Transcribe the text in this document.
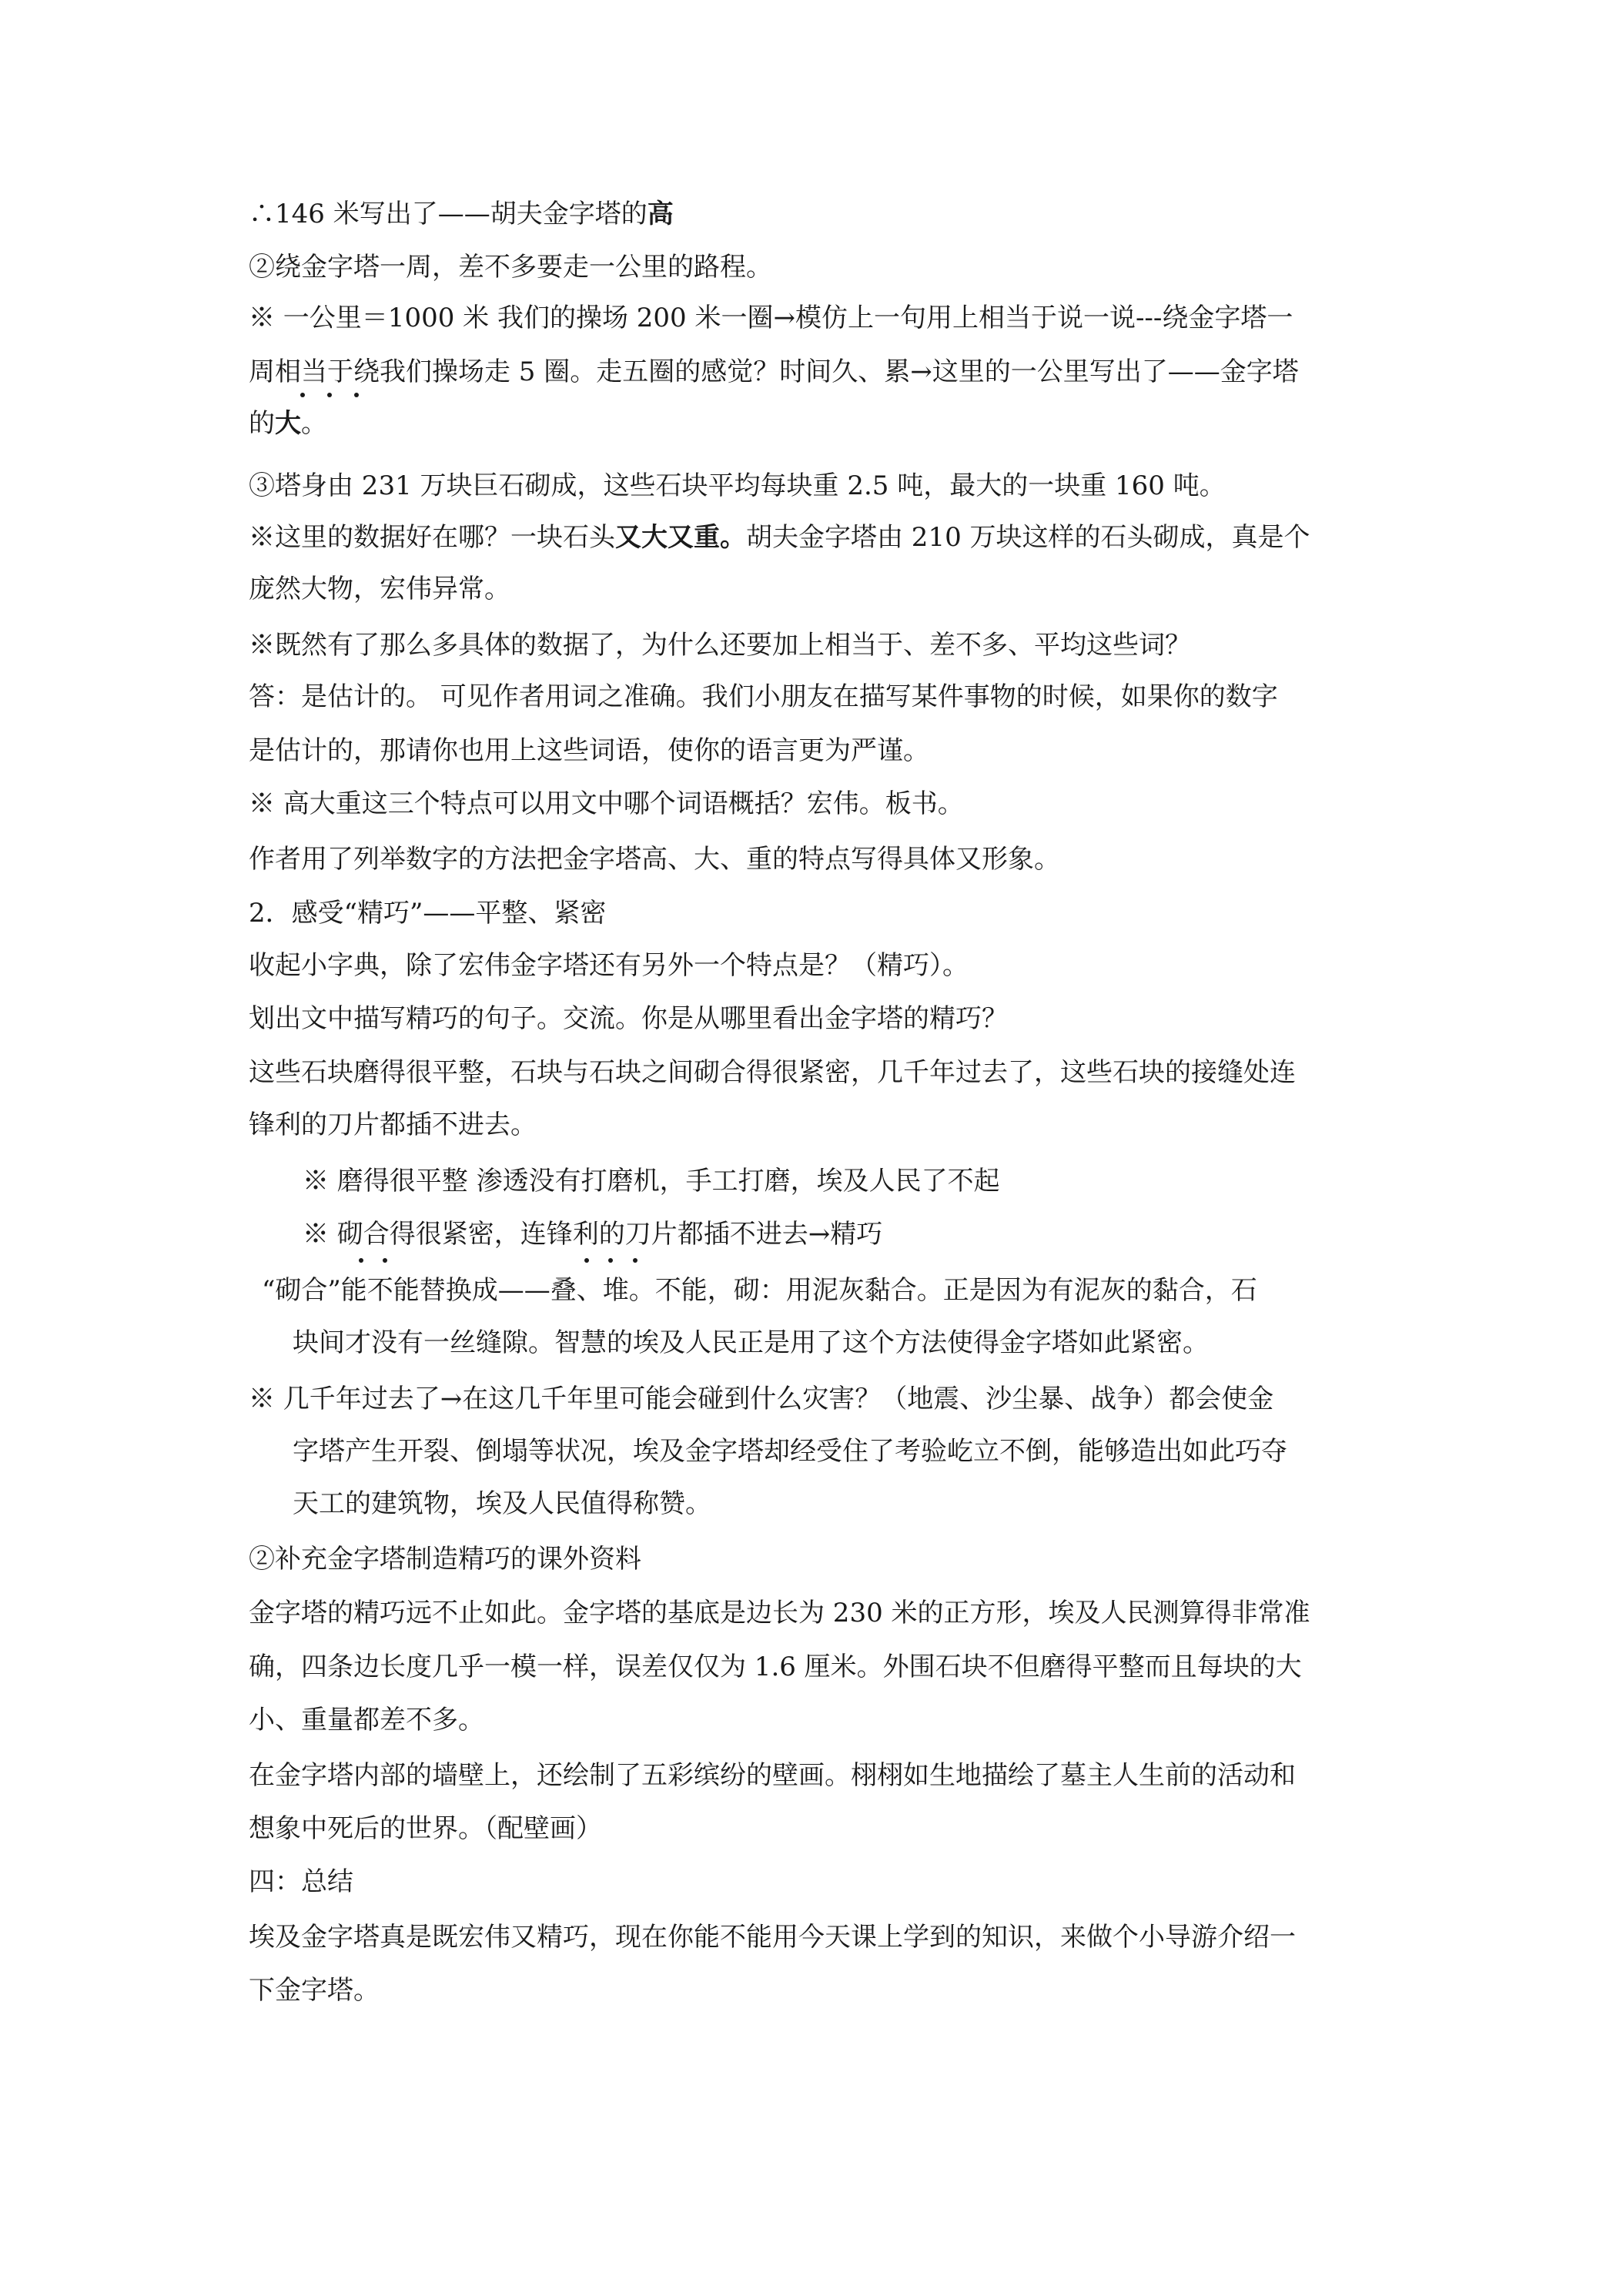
∴146 米写出了——胡夫金字塔的高
②绕金字塔一周，差不多要走一公里的路程。
※ 一公里＝1000 米 我们的操场 200 米一圈→模仿上一句用上相当于说一说---绕金字塔一
周相当于绕我们操场走 5 圈。走五圈的感觉？时间久、累→这里的一公里写出了——金字塔
的大。
③塔身由 231 万块巨石砌成，这些石块平均每块重 2.5 吨，最大的一块重 160 吨。
※这里的数据好在哪？一块石头又大又重。胡夫金字塔由 210 万块这样的石头砌成，真是个
庞然大物，宏伟异常。
※既然有了那么多具体的数据了，为什么还要加上相当于、差不多、平均这些词？
答：是估计的。 可见作者用词之准确。我们小朋友在描写某件事物的时候，如果你的数字
是估计的，那请你也用上这些词语，使你的语言更为严谨。
※ 高大重这三个特点可以用文中哪个词语概括？宏伟。板书。
作者用了列举数字的方法把金字塔高、大、重的特点写得具体又形象。
2．感受“精巧”——平整、紧密
收起小字典，除了宏伟金字塔还有另外一个特点是？（精巧）。
划出文中描写精巧的句子。交流。你是从哪里看出金字塔的精巧？
这些石块磨得很平整，石块与石块之间砌合得很紧密，几千年过去了，这些石块的接缝处连
锋利的刀片都插不进去。
※ 磨得很平整 渗透没有打磨机，手工打磨，埃及人民了不起
※ 砌合得很紧密，连锋利的刀片都插不进去→精巧
“砌合”能不能替换成——叠、堆。不能，砌：用泥灰黏合。正是因为有泥灰的黏合，石
块间才没有一丝缝隙。智慧的埃及人民正是用了这个方法使得金字塔如此紧密。
※ 几千年过去了→在这几千年里可能会碰到什么灾害？（地震、沙尘暴、战争）都会使金
字塔产生开裂、倒塌等状况，埃及金字塔却经受住了考验屹立不倒，能够造出如此巧夺
天工的建筑物，埃及人民值得称赞。
②补充金字塔制造精巧的课外资料
金字塔的精巧远不止如此。金字塔的基底是边长为 230 米的正方形，埃及人民测算得非常准
确，四条边长度几乎一模一样，误差仅仅为 1.6 厘米。外围石块不但磨得平整而且每块的大
小、重量都差不多。
在金字塔内部的墙壁上，还绘制了五彩缤纷的壁画。栩栩如生地描绘了墓主人生前的活动和
想象中死后的世界。（配壁画）
四：总结
埃及金字塔真是既宏伟又精巧，现在你能不能用今天课上学到的知识，来做个小导游介绍一
下金字塔。
